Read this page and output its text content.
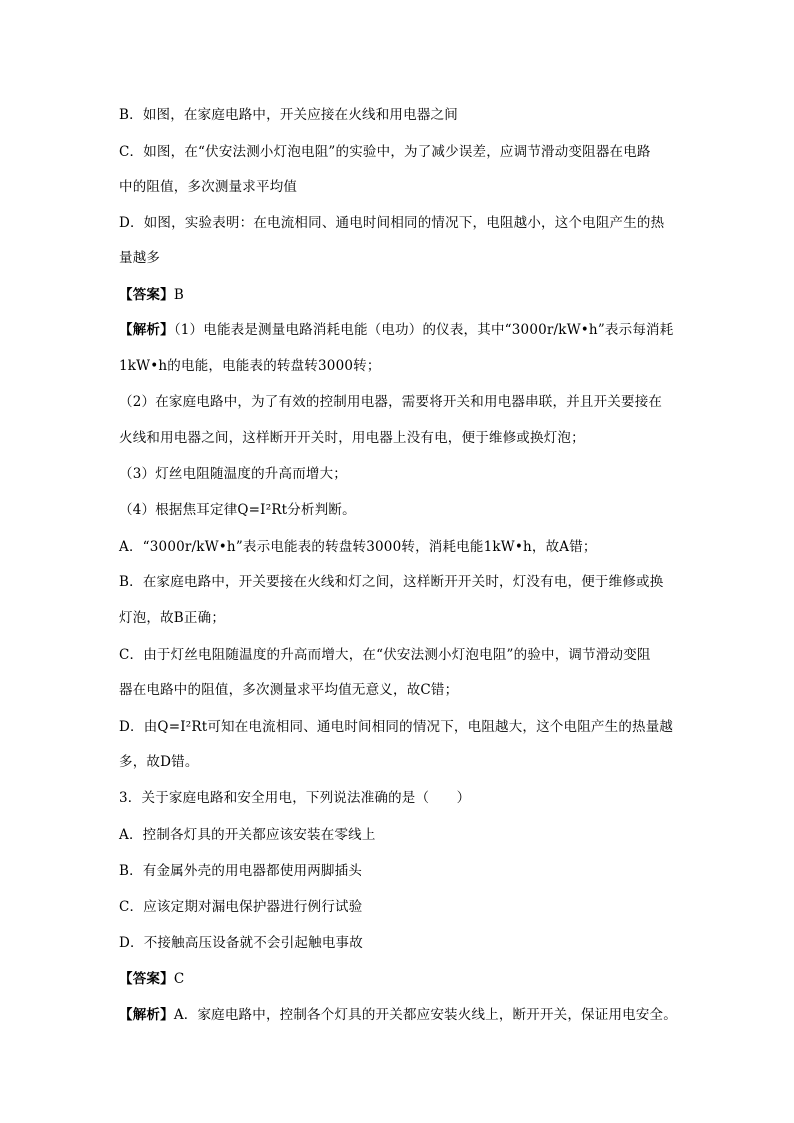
B．如图，在家庭电路中，开关应接在火线和用电器之间
C．如图，在“伏安法测小灯泡电阻”的实验中，为了减少误差，应调节滑动变阻器在电路
中的阻值，多次测量求平均值
D．如图，实验表明：在电流相同、通电时间相同的情况下，电阻越小，这个电阻产生的热
量越多
【答案】B
【解析】（1）电能表是测量电路消耗电能（电功）的仪表，其中“3000r/kW•h”表示每消耗
1kW•h的电能，电能表的转盘转3000转；
（2）在家庭电路中，为了有效的控制用电器，需要将开关和用电器串联，并且开关要接在
火线和用电器之间，这样断开开关时，用电器上没有电，便于维修或换灯泡；
（3）灯丝电阻随温度的升高而增大；
（4）根据焦耳定律Q=I²Rt分析判断。
A．“3000r/kW•h”表示电能表的转盘转3000转，消耗电能1kW•h，故A错；
B．在家庭电路中，开关要接在火线和灯之间，这样断开开关时，灯没有电，便于维修或换
灯泡，故B正确；
C．由于灯丝电阻随温度的升高而增大，在“伏安法测小灯泡电阻”的验中，调节滑动变阻
器在电路中的阻值，多次测量求平均值无意义，故C错；
D．由Q=I²Rt可知在电流相同、通电时间相同的情况下，电阻越大，这个电阻产生的热量越
多，故D错。
3．关于家庭电路和安全用电，下列说法准确的是（　　）
A．控制各灯具的开关都应该安装在零线上
B．有金属外壳的用电器都使用两脚插头
C．应该定期对漏电保护器进行例行试验
D．不接触高压设备就不会引起触电事故
【答案】C
【解析】A．家庭电路中，控制各个灯具的开关都应安装火线上，断开开关，保证用电安全。
